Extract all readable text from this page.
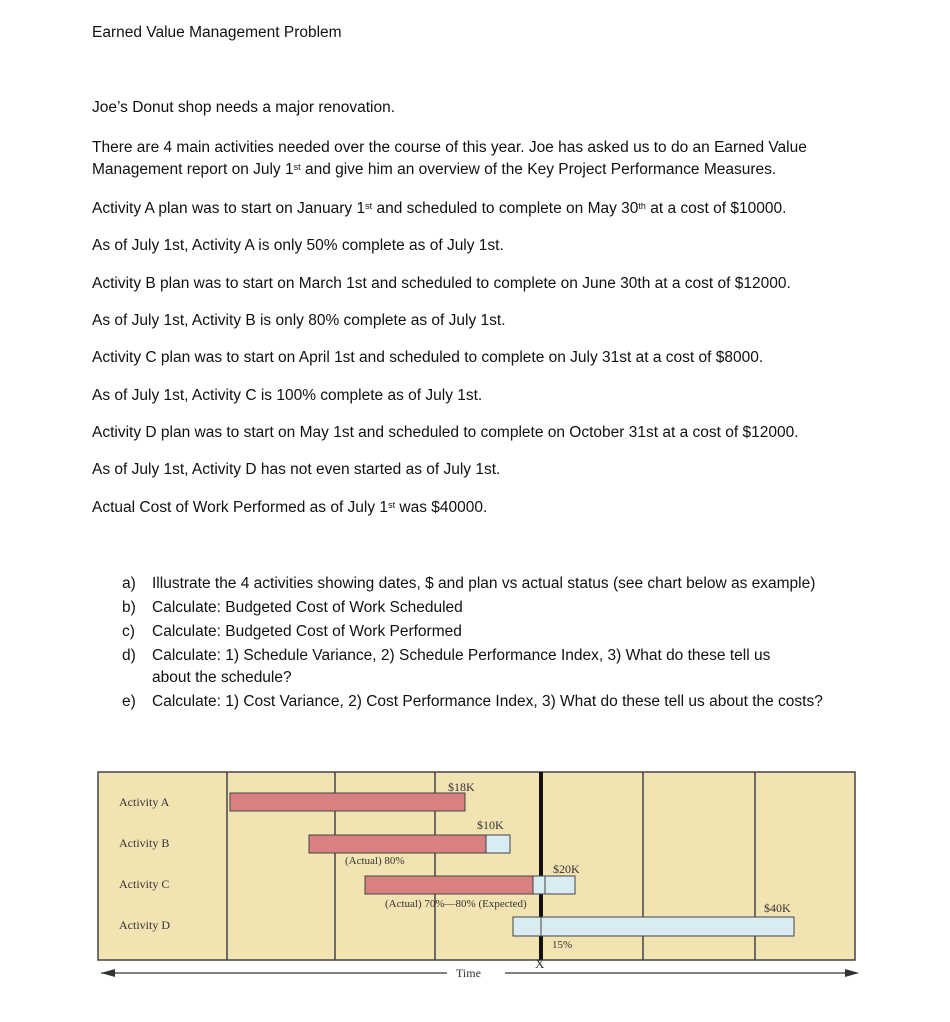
Earned Value Management Problem
Joe’s Donut shop needs a major renovation.
There are 4 main activities needed over the course of this year. Joe has asked us to do an Earned Value
Management report on July 1st and give him an overview of the Key Project Performance Measures.
Activity A plan was to start on January 1st and scheduled to complete on May 30th at a cost of $10000.
As of July 1st, Activity A is only 50% complete as of July 1st.
Activity B plan was to start on March 1st and scheduled to complete on June 30th at a cost of $12000.
As of July 1st, Activity B is only 80% complete as of July 1st.
Activity C plan was to start on April 1st and scheduled to complete on July 31st at a cost of $8000.
As of July 1st, Activity C is 100% complete as of July 1st.
Activity D plan was to start on May 1st and scheduled to complete on October 31st at a cost of $12000.
As of July 1st, Activity D has not even started as of July 1st.
Actual Cost of Work Performed as of July 1st was $40000.
a) Illustrate the 4 activities showing dates, $ and plan vs actual status (see chart below as example)
b) Calculate: Budgeted Cost of Work Scheduled
c) Calculate: Budgeted Cost of Work Performed
d) Calculate: 1) Schedule Variance, 2) Schedule Performance Index, 3) What do these tell us
about the schedule?
e) Calculate: 1) Cost Variance, 2) Cost Performance Index, 3) What do these tell us about the costs?
Activity A
Activity B
Activity C
Activity D
$18K
$10K
(Actual) 80%
$20K
(Actual) 70%—80% (Expected)	$40K
15%
Time
X
